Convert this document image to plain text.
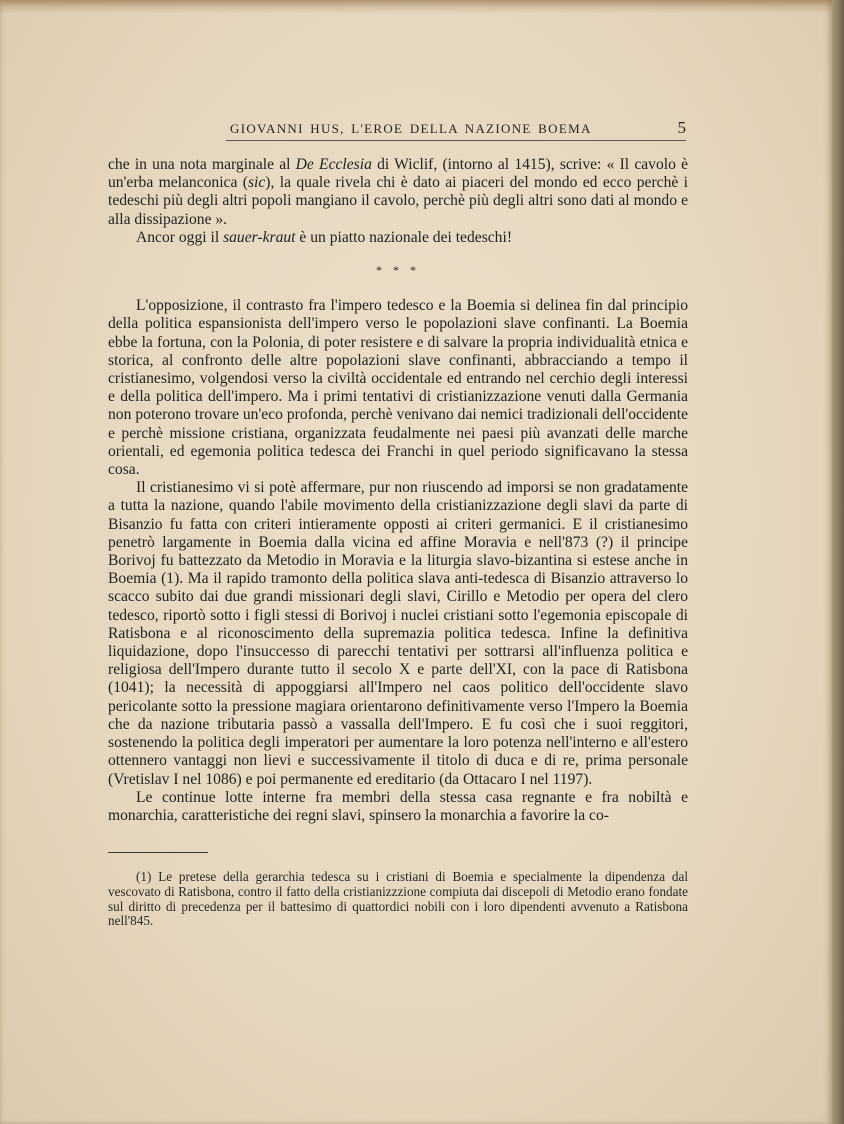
GIOVANNI HUS, L'EROE DELLA NAZIONE BOEMA	5

che in una nota marginale al De Ecclesia di Wiclif, (intorno al 1415), scrive: « Il cavolo è un'erba melanconica (sic), la quale rivela chi è dato ai piaceri del mondo ed ecco perchè i tedeschi più degli altri popoli mangiano il cavolo, perchè più degli altri sono dati al mondo e alla dissipazione ».

Ancor oggi il sauer-kraut è un piatto nazionale dei tedeschi!

* * *

L'opposizione, il contrasto fra l'impero tedesco e la Boemia si delinea fin dal principio della politica espansionista dell'impero verso le popolazioni slave confinanti. La Boemia ebbe la fortuna, con la Polonia, di poter resistere e di salvare la propria individualità etnica e storica, al confronto delle altre popolazioni slave confinanti, abbracciando a tempo il cristianesimo, volgendosi verso la civiltà occidentale ed entrando nel cerchio degli interessi e della politica dell'impero. Ma i primi tentativi di cristianizzazione venuti dalla Germania non poterono trovare un'eco profonda, perchè venivano dai nemici tradizionali dell'occidente e perchè missione cristiana, organizzata feudalmente nei paesi più avanzati delle marche orientali, ed egemonia politica tedesca dei Franchi in quel periodo significavano la stessa cosa.

Il cristianesimo vi si potè affermare, pur non riuscendo ad imporsi se non gradatamente a tutta la nazione, quando l'abile movimento della cristianizzazione degli slavi da parte di Bisanzio fu fatta con criteri intieramente opposti ai criteri germanici. E il cristianesimo penetrò largamente in Boemia dalla vicina ed affine Moravia e nell'873 (?) il principe Borivoj fu battezzato da Metodio in Moravia e la liturgia slavo-bizantina si estese anche in Boemia (1). Ma il rapido tramonto della politica slava anti-tedesca di Bisanzio attraverso lo scacco subito dai due grandi missionari degli slavi, Cirillo e Metodio per opera del clero tedesco, riportò sotto i figli stessi di Borivoj i nuclei cristiani sotto l'egemonia episcopale di Ratisbona e al riconoscimento della supremazia politica tedesca. Infine la definitiva liquidazione, dopo l'insuccesso di parecchi tentativi per sottrarsi all'influenza politica e religiosa dell'Impero durante tutto il secolo X e parte dell'XI, con la pace di Ratisbona (1041); la necessità di appoggiarsi all'Impero nel caos politico dell'occidente slavo pericolante sotto la pressione magiara orientarono definitivamente verso l'Impero la Boemia che da nazione tributaria passò a vassalla dell'Impero. E fu così che i suoi reggitori, sostenendo la politica degli imperatori per aumentare la loro potenza nell'interno e all'estero ottennero vantaggi non lievi e successivamente il titolo di duca e di re, prima personale (Vretislav I nel 1086) e poi permanente ed ereditario (da Ottacaro I nel 1197).

Le continue lotte interne fra membri della stessa casa regnante e fra nobiltà e monarchia, caratteristiche dei regni slavi, spinsero la monarchia a favorire la co-

(1) Le pretese della gerarchia tedesca su i cristiani di Boemia e specialmente la dipendenza dal vescovato di Ratisbona, contro il fatto della cristianizzzione compiuta dai discepoli di Metodio erano fondate sul diritto di precedenza per il battesimo di quattordici nobili con i loro dipendenti avvenuto a Ratisbona nell'845.
